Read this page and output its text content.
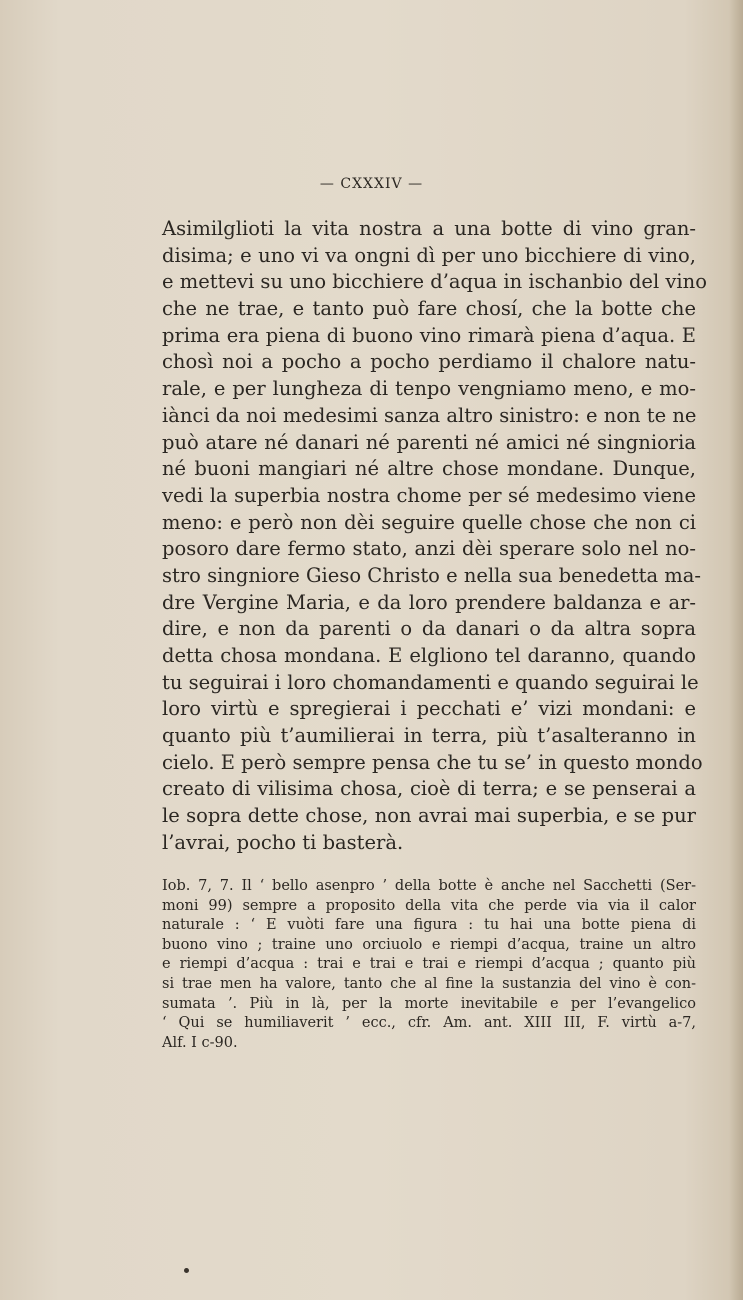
— CXXXIV —
Asimilglioti la vita nostra a una botte di vino gran-
disima; e uno vi va ongni dì per uno bicchiere di vino,
e mettevi su uno bicchiere d’aqua in ischanbio del vino
che ne trae, e tanto può fare chosí, che la botte che
prima era piena di buono vino rimarà piena d’aqua. E
chosì noi a pocho a pocho perdiamo il chalore natu-
rale, e per lungheza di tenpo vengniamo meno, e mo-
iànci da noi medesimi sanza altro sinistro: e non te ne
può atare né danari né parenti né amici né singnioria
né buoni mangiari né altre chose mondane. Dunque,
vedi la superbia nostra chome per sé medesimo viene
meno: e però non dèi seguire quelle chose che non ci
posoro dare fermo stato, anzi dèi sperare solo nel no-
stro singniore Gieso Christo e nella sua benedetta ma-
dre Vergine Maria, e da loro prendere baldanza e ar-
dire, e non da parenti o da danari o da altra sopra
detta chosa mondana. E elgliono tel daranno, quando
tu seguirai i loro chomandamenti e quando seguirai le
loro virtù e spregierai i pecchati e’ vizi mondani: e
quanto più t’aumilierai in terra, più t’asalteranno in
cielo. E però sempre pensa che tu se’ in questo mondo
creato di vilisima chosa, cioè di terra; e se penserai a
le sopra dette chose, non avrai mai superbia, e se pur
l’avrai, pocho ti basterà.
Iob. 7, 7. Il ‘ bello asenpro ’ della botte è anche nel Sacchetti (Ser-
moni 99) sempre a proposito della vita che perde via via il calor
naturale : ‘ E vuòti fare una figura : tu hai una botte piena di
buono vino ; traine uno orciuolo e riempi d’acqua, traine un altro
e riempi d’acqua : trai e trai e trai e riempi d’acqua ; quanto più
si trae men ha valore, tanto che al fine la sustanzia del vino è con-
sumata ’. Più in là, per la morte inevitabile e per l’evangelico
‘ Qui se humiliaverit ’ ecc., cfr. Am. ant. XIII III, F. virtù a-7,
Alf. I c-90.
